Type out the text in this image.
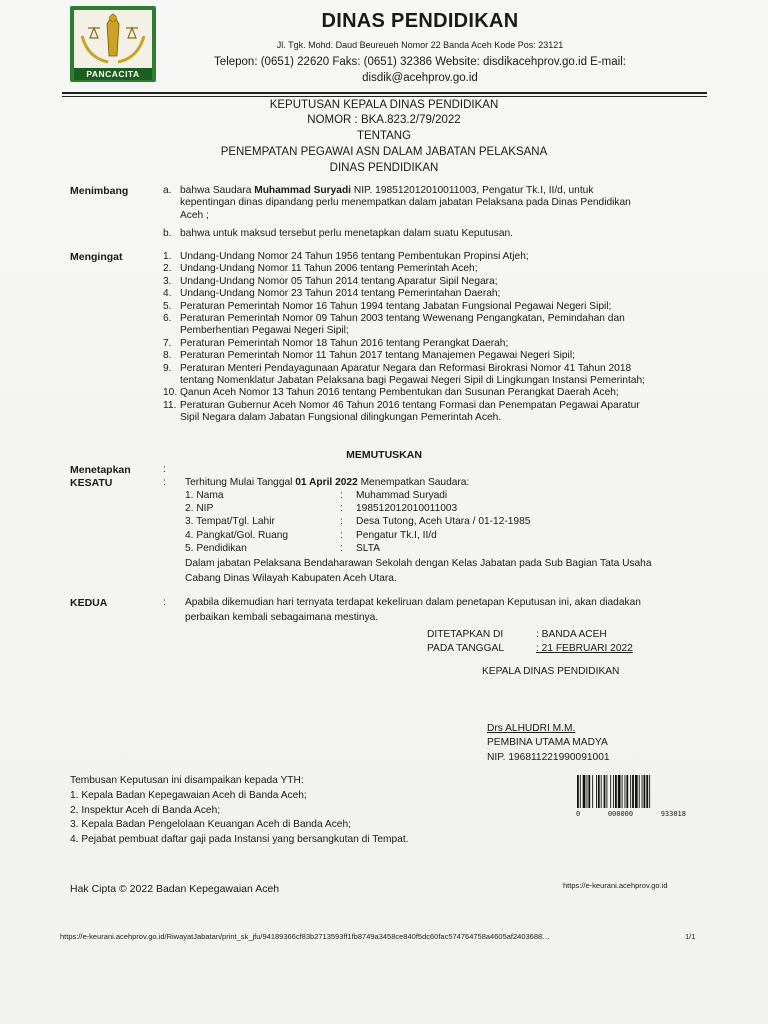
PANCACITA
DINAS PENDIDIKAN
Jl. Tgk. Mohd. Daud Beureueh Nomor 22 Banda Aceh Kode Pos: 23121
Telepon: (0651) 22620 Faks: (0651) 32386 Website: disdikacehprov.go.id E-mail:
disdik@acehprov.go.id
KEPUTUSAN KEPALA DINAS PENDIDIKAN
NOMOR : BKA.823.2/79/2022
TENTANG
PENEMPATAN PEGAWAI ASN DALAM JABATAN PELAKSANA
DINAS PENDIDIKAN
Menimbang	a. bahwa Saudara Muhammad Suryadi NIP. 198512012010011003, Pengatur Tk.I, II/d, untuk
kepentingan dinas dipandang perlu menempatkan dalam jabatan Pelaksana pada Dinas Pendidikan
Aceh ;
b. bahwa untuk maksud tersebut perlu menetapkan dalam suatu Keputusan.
Mengingat	1. Undang-Undang Nomor 24 Tahun 1956 tentang Pembentukan Propinsi Atjeh;
2. Undang-Undang Nomor 11 Tahun 2006 tentang Pemerintah Aceh;
3. Undang-Undang Nomor 05 Tahun 2014 tentang Aparatur Sipil Negara;
4. Undang-Undang Nomor 23 Tahun 2014 tentang Pemerintahan Daerah;
5. Peraturan Pemerintah Nomor 16 Tahun 1994 tentang Jabatan Fungsional Pegawai Negeri Sipil;
6. Peraturan Pemerintah Nomor 09 Tahun 2003 tentang Wewenang Pengangkatan, Pemindahan dan
Pemberhentian Pegawai Negeri Sipil;
7. Peraturan Pemerintah Nomor 18 Tahun 2016 tentang Perangkat Daerah;
8. Peraturan Pemerintah Nomor 11 Tahun 2017 tentang Manajemen Pegawai Negeri Sipil;
9. Peraturan Menteri Pendayagunaan Aparatur Negara dan Reformasi Birokrasi Nomor 41 Tahun 2018
tentang Nomenklatur Jabatan Pelaksana bagi Pegawai Negeri Sipil di Lingkungan Instansi Pemerintah;
10. Qanun Aceh Nomor 13 Tahun 2016 tentang Pembentukan dan Susunan Perangkat Daerah Aceh;
11. Peraturan Gubernur Aceh Nomor 46 Tahun 2016 tentang Formasi dan Penempatan Pegawai Aparatur
Sipil Negara dalam Jabatan Fungsional dilingkungan Pemerintah Aceh.
MEMUTUSKAN
Menetapkan	:
KESATU	: Terhitung Mulai Tanggal 01 April 2022 Menempatkan Saudara:
1. Nama	: Muhammad Suryadi
2. NIP	: 198512012010011003
3. Tempat/Tgl. Lahir	: Desa Tutong, Aceh Utara / 01-12-1985
4. Pangkat/Gol. Ruang	: Pengatur Tk.I, II/d
5. Pendidikan	: SLTA
Dalam jabatan Pelaksana Bendaharawan Sekolah dengan Kelas Jabatan pada Sub Bagian Tata Usaha
Cabang Dinas Wilayah Kabupaten Aceh Utara.
KEDUA	: Apabila dikemudian hari ternyata terdapat kekeliruan dalam penetapan Keputusan ini, akan diadakan
perbaikan kembali sebagaimana mestinya.
DITETAPKAN DI	: BANDA ACEH
PADA TANGGAL	: 21 FEBRUARI 2022
KEPALA DINAS PENDIDIKAN
Drs ALHUDRI M.M.
PEMBINA UTAMA MADYA
NIP. 196811221990091001
0	000000	933018
Tembusan Keputusan ini disampaikan kepada YTH:
1. Kepala Badan Kepegawaian Aceh di Banda Aceh;
2. Inspektur Aceh di Banda Aceh;
3. Kepala Badan Pengelolaan Keuangan Aceh di Banda Aceh;
4. Pejabat pembuat daftar gaji pada Instansi yang bersangkutan di Tempat.
Hak Cipta © 2022 Badan Kepegawaian Aceh	https://e-keurani.acehprov.go.id
https://e-keurani.acehprov.go.id/RiwayatJabatan/print_sk_jfu/94189366cf83b2713593ff1fb8749a3458ce840f5dc60fac574764758a4605af2403688…	1/1
